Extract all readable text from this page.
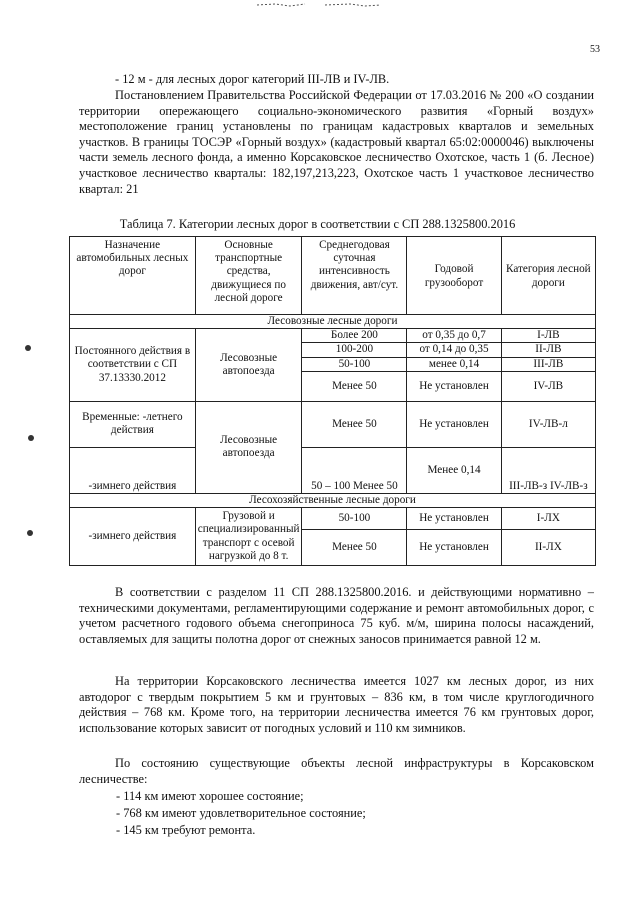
53

- 12 м - для лесных дорог категорий III-ЛВ и IV-ЛВ.

Постановлением Правительства Российской Федерации от 17.03.2016 № 200 «О создании территории опережающего социально-экономического развития «Горный воздух» местоположение границ установлены по границам кадастровых кварталов и земельных участков. В границы ТОСЭР «Горный воздух» (кадастровый квартал 65:02:0000046) выключены части земель лесного фонда, а именно Корсаковское лесничество Охотское, часть 1 (б. Лесное) участковое лесничество кварталы: 182,197,213,223, Охотское часть 1 участковое лесничество квартал: 21

Таблица 7. Категории лесных дорог в соответствии с СП 288.1325800.2016
Назначение автомобильных лесных дорог	Основные транспортные средства, движущиеся по лесной дороге	Среднегодовая суточная интенсивность движения, авт/сут.	Годовой грузооборот	Категория лесной дороги
Лесовозные лесные дороги				
Постоянного действия в соответствии с СП 37.13330.2012	Лесовозные автопоезда	Более 200	от 0,35 до 0,7	I-ЛВ
		100-200	от 0,14 до 0,35	II-ЛВ
		50-100	менее 0,14	III-ЛВ
		Менее 50	Не установлен	IV-ЛВ
Временные: -летнего действия	Лесовозные автопоезда	Менее 50	Не установлен	IV-ЛВ-л
-зимнего действия		50 – 100 Менее 50	Менее 0,14	III-ЛВ-з IV-ЛВ-з
Лесохозяйственные лесные дороги				
-зимнего действия	Грузовой и специализированный транспорт с осевой нагрузкой до 8 т.	50-100	Не установлен	I-ЛХ
		Менее 50	Не установлен	II-ЛХ

В соответствии с разделом 11 СП 288.1325800.2016. и действующими нормативно – техническими документами, регламентирующими содержание и ремонт автомобильных дорог, с учетом расчетного годового объема снегоприноса 75 куб. м/м, ширина полосы насаждений, оставляемых для защиты полотна дорог от снежных заносов принимается равной 12 м.

На территории Корсаковского лесничества имеется 1027 км лесных дорог, из них автодорог с твердым покрытием 5 км и грунтовых – 836 км, в том числе круглогодичного действия – 768 км. Кроме того, на территории лесничества имеется 76 км грунтовых дорог, использование которых зависит от погодных условий и 110 км зимников.

По состоянию существующие объекты лесной инфраструктуры в Корсаковском лесничестве:

- 114 км имеют хорошее состояние;
- 768 км имеют удовлетворительное состояние;
- 145 км требуют ремонта.
